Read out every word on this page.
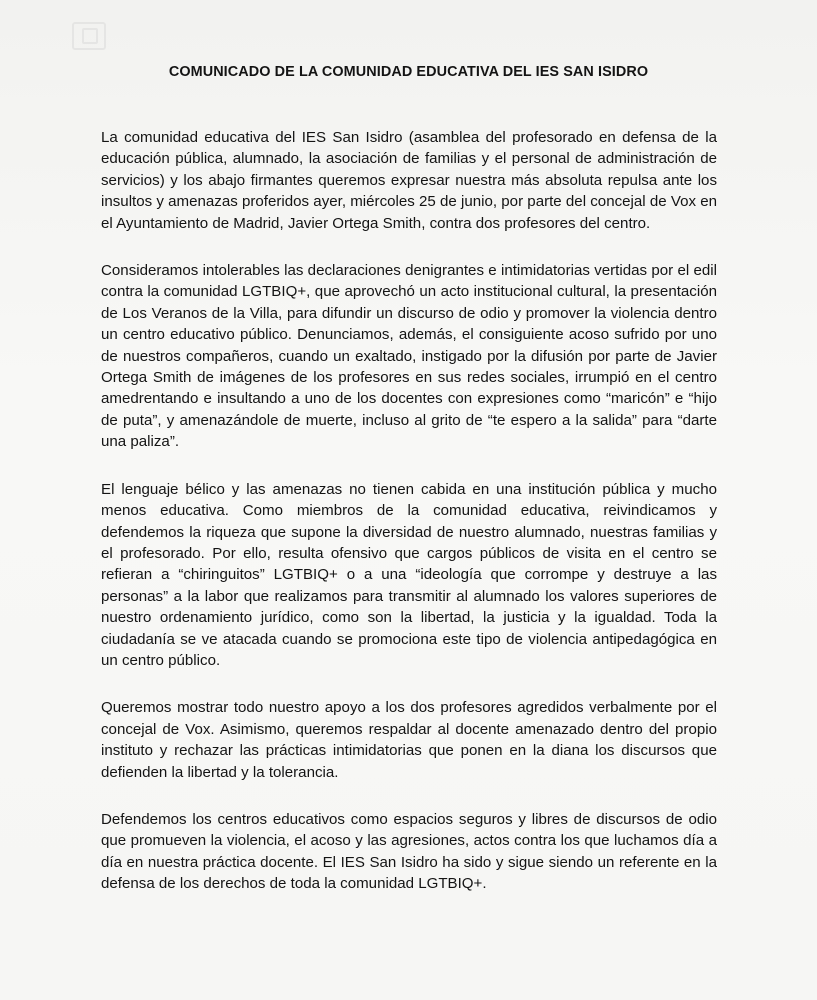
COMUNICADO DE LA COMUNIDAD EDUCATIVA DEL IES SAN ISIDRO

La comunidad educativa del IES San Isidro (asamblea del profesorado en defensa de la educación pública, alumnado, la asociación de familias y el personal de administración de servicios) y los abajo firmantes queremos expresar nuestra más absoluta repulsa ante los insultos y amenazas proferidos ayer, miércoles 25 de junio, por parte del concejal de Vox en el Ayuntamiento de Madrid, Javier Ortega Smith, contra dos profesores del centro.

Consideramos intolerables las declaraciones denigrantes e intimidatorias vertidas por el edil contra la comunidad LGTBIQ+, que aprovechó un acto institucional cultural, la presentación de Los Veranos de la Villa, para difundir un discurso de odio y promover la violencia dentro un centro educativo público. Denunciamos, además, el consiguiente acoso sufrido por uno de nuestros compañeros, cuando un exaltado, instigado por la difusión por parte de Javier Ortega Smith de imágenes de los profesores en sus redes sociales, irrumpió en el centro amedrentando e insultando a uno de los docentes con expresiones como “maricón” e “hijo de puta”, y amenazándole de muerte, incluso al grito de “te espero a la salida” para “darte una paliza”.

El lenguaje bélico y las amenazas no tienen cabida en una institución pública y mucho menos educativa. Como miembros de la comunidad educativa, reivindicamos y defendemos la riqueza que supone la diversidad de nuestro alumnado, nuestras familias y el profesorado. Por ello, resulta ofensivo que cargos públicos de visita en el centro se refieran a “chiringuitos” LGTBIQ+ o a una “ideología que corrompe y destruye a las personas” a la labor que realizamos para transmitir al alumnado los valores superiores de nuestro ordenamiento jurídico, como son la libertad, la justicia y la igualdad. Toda la ciudadanía se ve atacada cuando se promociona este tipo de violencia antipedagógica en un centro público.

Queremos mostrar todo nuestro apoyo a los dos profesores agredidos verbalmente por el concejal de Vox. Asimismo, queremos respaldar al docente amenazado dentro del propio instituto y rechazar las prácticas intimidatorias que ponen en la diana los discursos que defienden la libertad y la tolerancia.

Defendemos los centros educativos como espacios seguros y libres de discursos de odio que promueven la violencia, el acoso y las agresiones, actos contra los que luchamos día a día en nuestra práctica docente. El IES San Isidro ha sido y sigue siendo un referente en la defensa de los derechos de toda la comunidad LGTBIQ+.
